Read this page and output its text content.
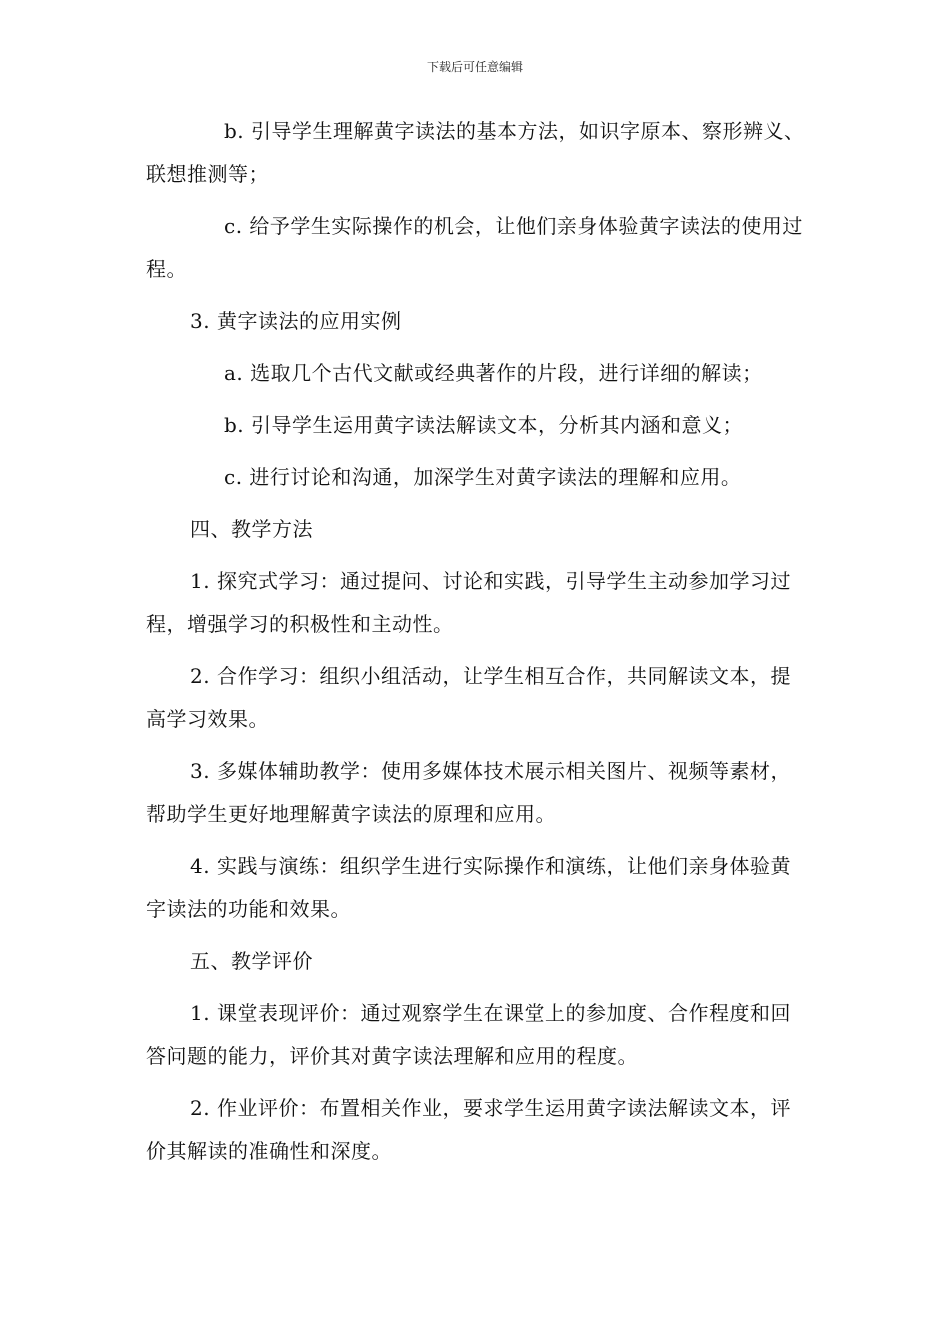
下载后可任意编辑

b. 引导学生理解黄字读法的基本方法，如识字原本、察形辨义、联想推测等；

c. 给予学生实际操作的机会，让他们亲身体验黄字读法的使用过程。

3. 黄字读法的应用实例

a. 选取几个古代文献或经典著作的片段，进行详细的解读；

b. 引导学生运用黄字读法解读文本，分析其内涵和意义；

c. 进行讨论和沟通，加深学生对黄字读法的理解和应用。

四、教学方法

1. 探究式学习：通过提问、讨论和实践，引导学生主动参加学习过程，增强学习的积极性和主动性。

2. 合作学习：组织小组活动，让学生相互合作，共同解读文本，提高学习效果。

3. 多媒体辅助教学：使用多媒体技术展示相关图片、视频等素材，帮助学生更好地理解黄字读法的原理和应用。

4. 实践与演练：组织学生进行实际操作和演练，让他们亲身体验黄字读法的功能和效果。

五、教学评价

1. 课堂表现评价：通过观察学生在课堂上的参加度、合作程度和回答问题的能力，评价其对黄字读法理解和应用的程度。

2. 作业评价：布置相关作业，要求学生运用黄字读法解读文本，评价其解读的准确性和深度。
